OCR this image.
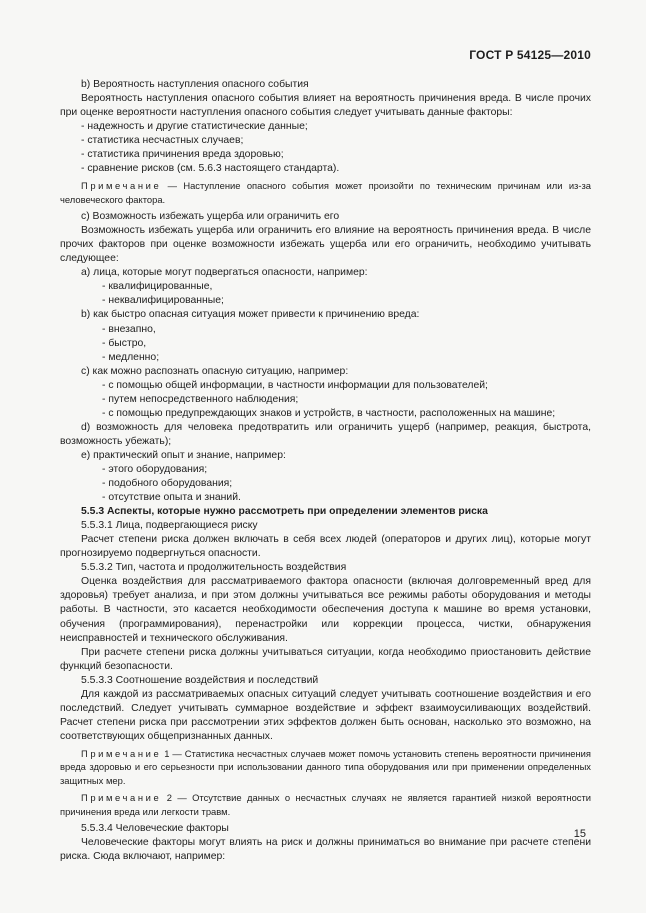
ГОСТ Р 54125—2010

b) Вероятность наступления опасного события

Вероятность наступления опасного события влияет на вероятность причинения вреда. В числе прочих при оценке вероятности наступления опасного события следует учитывать данные факторы:

- надежность и другие статистические данные;

- статистика несчастных случаев;

- статистика причинения вреда здоровью;

- сравнение рисков (см. 5.6.3 настоящего стандарта).

Примечание — Наступление опасного события может произойти по техническим причинам или из-за человеческого фактора.

c) Возможность избежать ущерба или ограничить его

Возможность избежать ущерба или ограничить его влияние на вероятность причинения вреда. В числе прочих факторов при оценке возможности избежать ущерба или его ограничить, необходимо учитывать следующее:

a) лица, которые могут подвергаться опасности, например:

- квалифицированные,

- неквалифицированные;

b) как быстро опасная ситуация может привести к причинению вреда:

- внезапно,

- быстро,

- медленно;

c) как можно распознать опасную ситуацию, например:

- с помощью общей информации, в частности информации для пользователей;

- путем непосредственного наблюдения;

- с помощью предупреждающих знаков и устройств, в частности, расположенных на машине;

d) возможность для человека предотвратить или ограничить ущерб (например, реакция, быстрота, возможность убежать);

e) практический опыт и знание, например:

- этого оборудования;

- подобного оборудования;

- отсутствие опыта и знаний.

5.5.3 Аспекты, которые нужно рассмотреть при определении элементов риска

5.5.3.1 Лица, подвергающиеся риску

Расчет степени риска должен включать в себя всех людей (операторов и других лиц), которые могут прогнозируемо подвергнуться опасности.

5.5.3.2 Тип, частота и продолжительность воздействия

Оценка воздействия для рассматриваемого фактора опасности (включая долговременный вред для здоровья) требует анализа, и при этом должны учитываться все режимы работы оборудования и методы работы. В частности, это касается необходимости обеспечения доступа к машине во время установки, обучения (программирования), перенастройки или коррекции процесса, чистки, обнаружения неисправностей и технического обслуживания.

При расчете степени риска должны учитываться ситуации, когда необходимо приостановить действие функций безопасности.

5.5.3.3 Соотношение воздействия и последствий

Для каждой из рассматриваемых опасных ситуаций следует учитывать соотношение воздействия и его последствий. Следует учитывать суммарное воздействие и эффект взаимоусиливающих воздействий. Расчет степени риска при рассмотрении этих эффектов должен быть основан, насколько это возможно, на соответствующих общепризнанных данных.

Примечание 1 — Статистика несчастных случаев может помочь установить степень вероятности причинения вреда здоровью и его серьезности при использовании данного типа оборудования или при применении определенных защитных мер.

Примечание 2 — Отсутствие данных о несчастных случаях не является гарантией низкой вероятности причинения вреда или легкости травм.

5.5.3.4 Человеческие факторы

Человеческие факторы могут влиять на риск и должны приниматься во внимание при расчете степени риска. Сюда включают, например:

15
